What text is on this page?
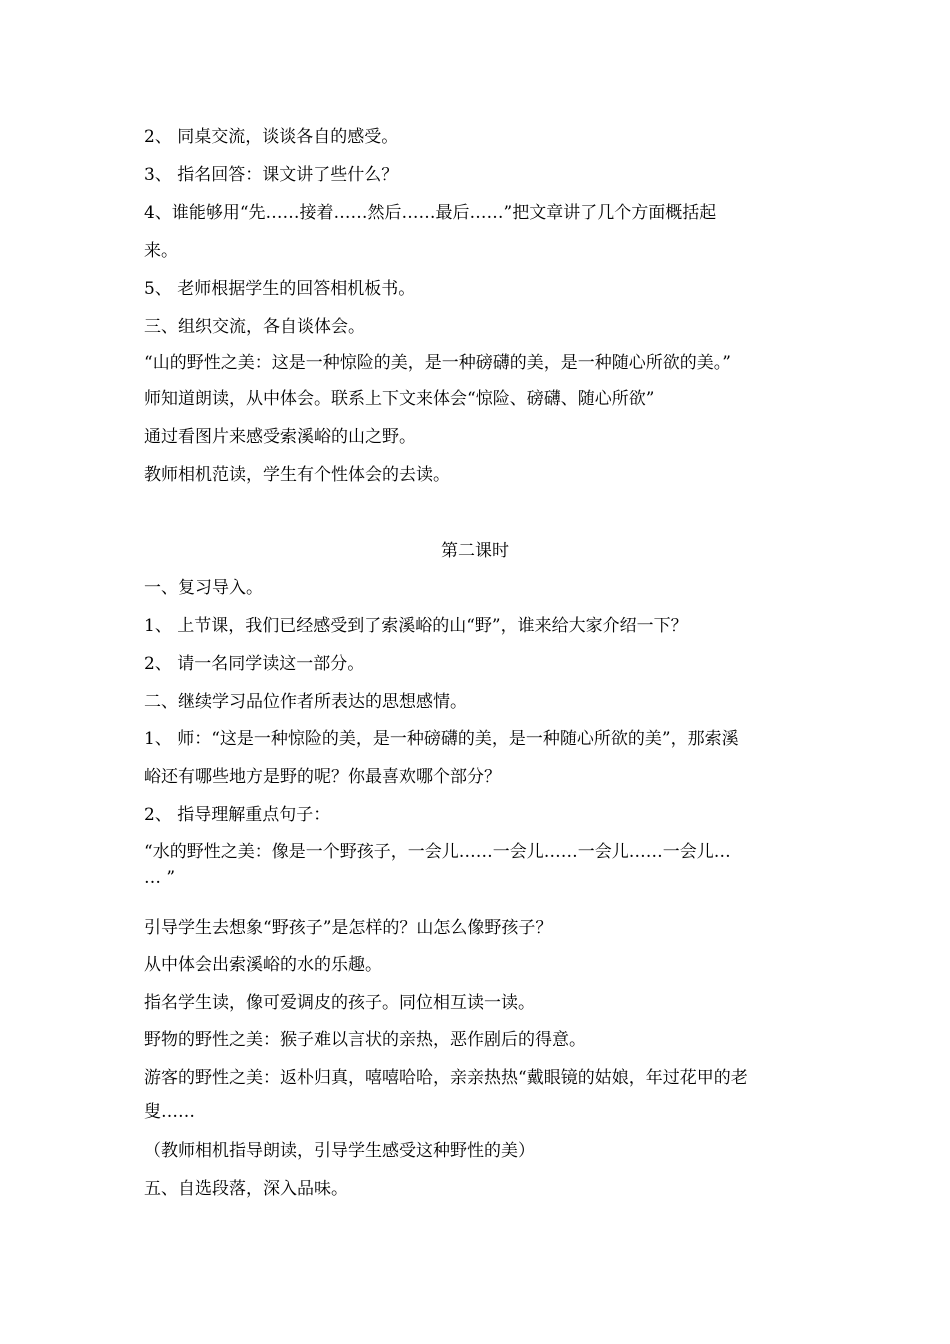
2、 同桌交流，谈谈各自的感受。
3、 指名回答：课文讲了些什么？
4、谁能够用“先……接着……然后……最后……”把文章讲了几个方面概括起
来。
5、 老师根据学生的回答相机板书。
三、组织交流，各自谈体会。
“山的野性之美：这是一种惊险的美，是一种磅礴的美，是一种随心所欲的美。”
师知道朗读，从中体会。联系上下文来体会“惊险、磅礴、随心所欲”
通过看图片来感受索溪峪的山之野。
教师相机范读，学生有个性体会的去读。
第二课时
一、复习导入。
1、 上节课，我们已经感受到了索溪峪的山“野”，谁来给大家介绍一下？
2、 请一名同学读这一部分。
二、继续学习品位作者所表达的思想感情。
1、 师：“这是一种惊险的美，是一种磅礴的美，是一种随心所欲的美”，那索溪
峪还有哪些地方是野的呢？你最喜欢哪个部分？
2、 指导理解重点句子：
“水的野性之美：像是一个野孩子，一会儿……一会儿……一会儿……一会儿…
… ”
引导学生去想象“野孩子”是怎样的？山怎么像野孩子？
从中体会出索溪峪的水的乐趣。
指名学生读，像可爱调皮的孩子。同位相互读一读。
野物的野性之美：猴子难以言状的亲热，恶作剧后的得意。
游客的野性之美：返朴归真，嘻嘻哈哈，亲亲热热“戴眼镜的姑娘，年过花甲的老
叟……
（教师相机指导朗读，引导学生感受这种野性的美）
五、自选段落，深入品味。
